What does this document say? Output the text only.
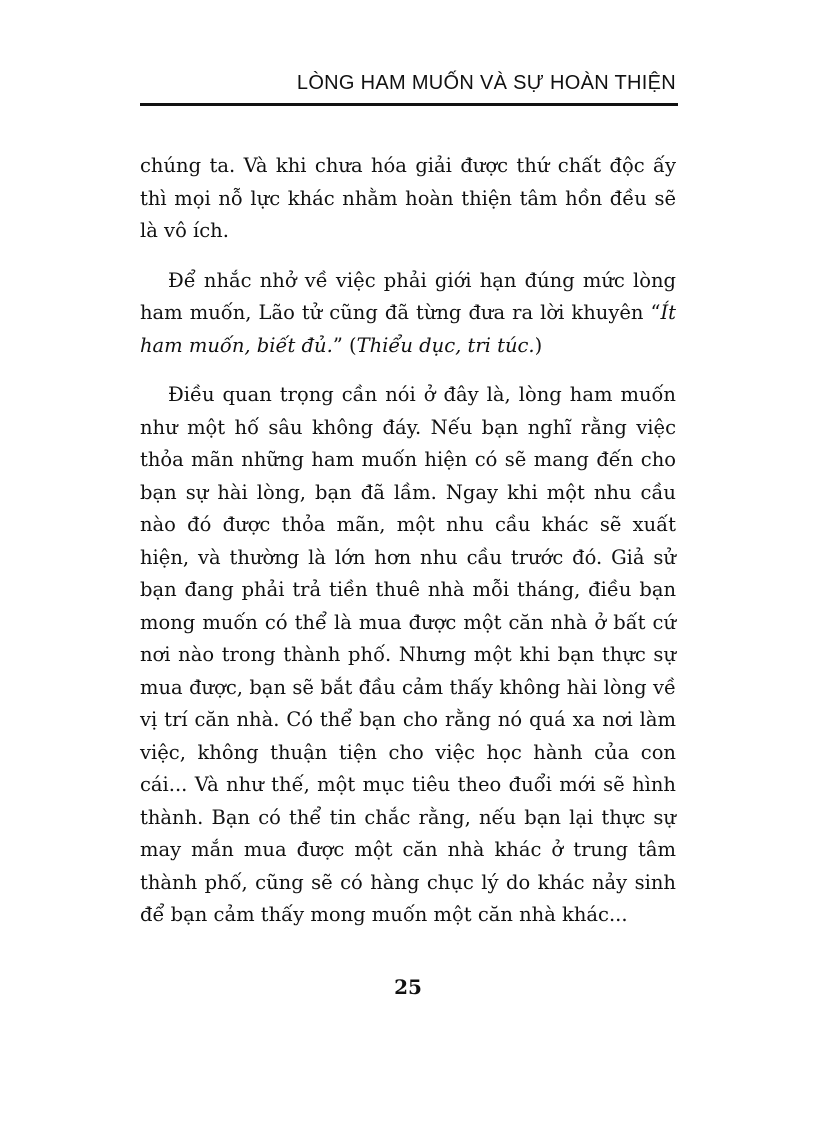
LÒNG HAM MUỐN VÀ SỰ HOÀN THIỆN

chúng ta. Và khi chưa hóa giải được thứ chất độc ấy thì mọi nỗ lực khác nhằm hoàn thiện tâm hồn đều sẽ là vô ích.

Để nhắc nhở về việc phải giới hạn đúng mức lòng ham muốn, Lão tử cũng đã từng đưa ra lời khuyên “Ít ham muốn, biết đủ.” (Thiểu dục, tri túc.)

Điều quan trọng cần nói ở đây là, lòng ham muốn như một hố sâu không đáy. Nếu bạn nghĩ rằng việc thỏa mãn những ham muốn hiện có sẽ mang đến cho bạn sự hài lòng, bạn đã lầm. Ngay khi một nhu cầu nào đó được thỏa mãn, một nhu cầu khác sẽ xuất hiện, và thường là lớn hơn nhu cầu trước đó. Giả sử bạn đang phải trả tiền thuê nhà mỗi tháng, điều bạn mong muốn có thể là mua được một căn nhà ở bất cứ nơi nào trong thành phố. Nhưng một khi bạn thực sự mua được, bạn sẽ bắt đầu cảm thấy không hài lòng về vị trí căn nhà. Có thể bạn cho rằng nó quá xa nơi làm việc, không thuận tiện cho việc học hành của con cái... Và như thế, một mục tiêu theo đuổi mới sẽ hình thành. Bạn có thể tin chắc rằng, nếu bạn lại thực sự may mắn mua được một căn nhà khác ở trung tâm thành phố, cũng sẽ có hàng chục lý do khác nảy sinh để bạn cảm thấy mong muốn một căn nhà khác...

25
